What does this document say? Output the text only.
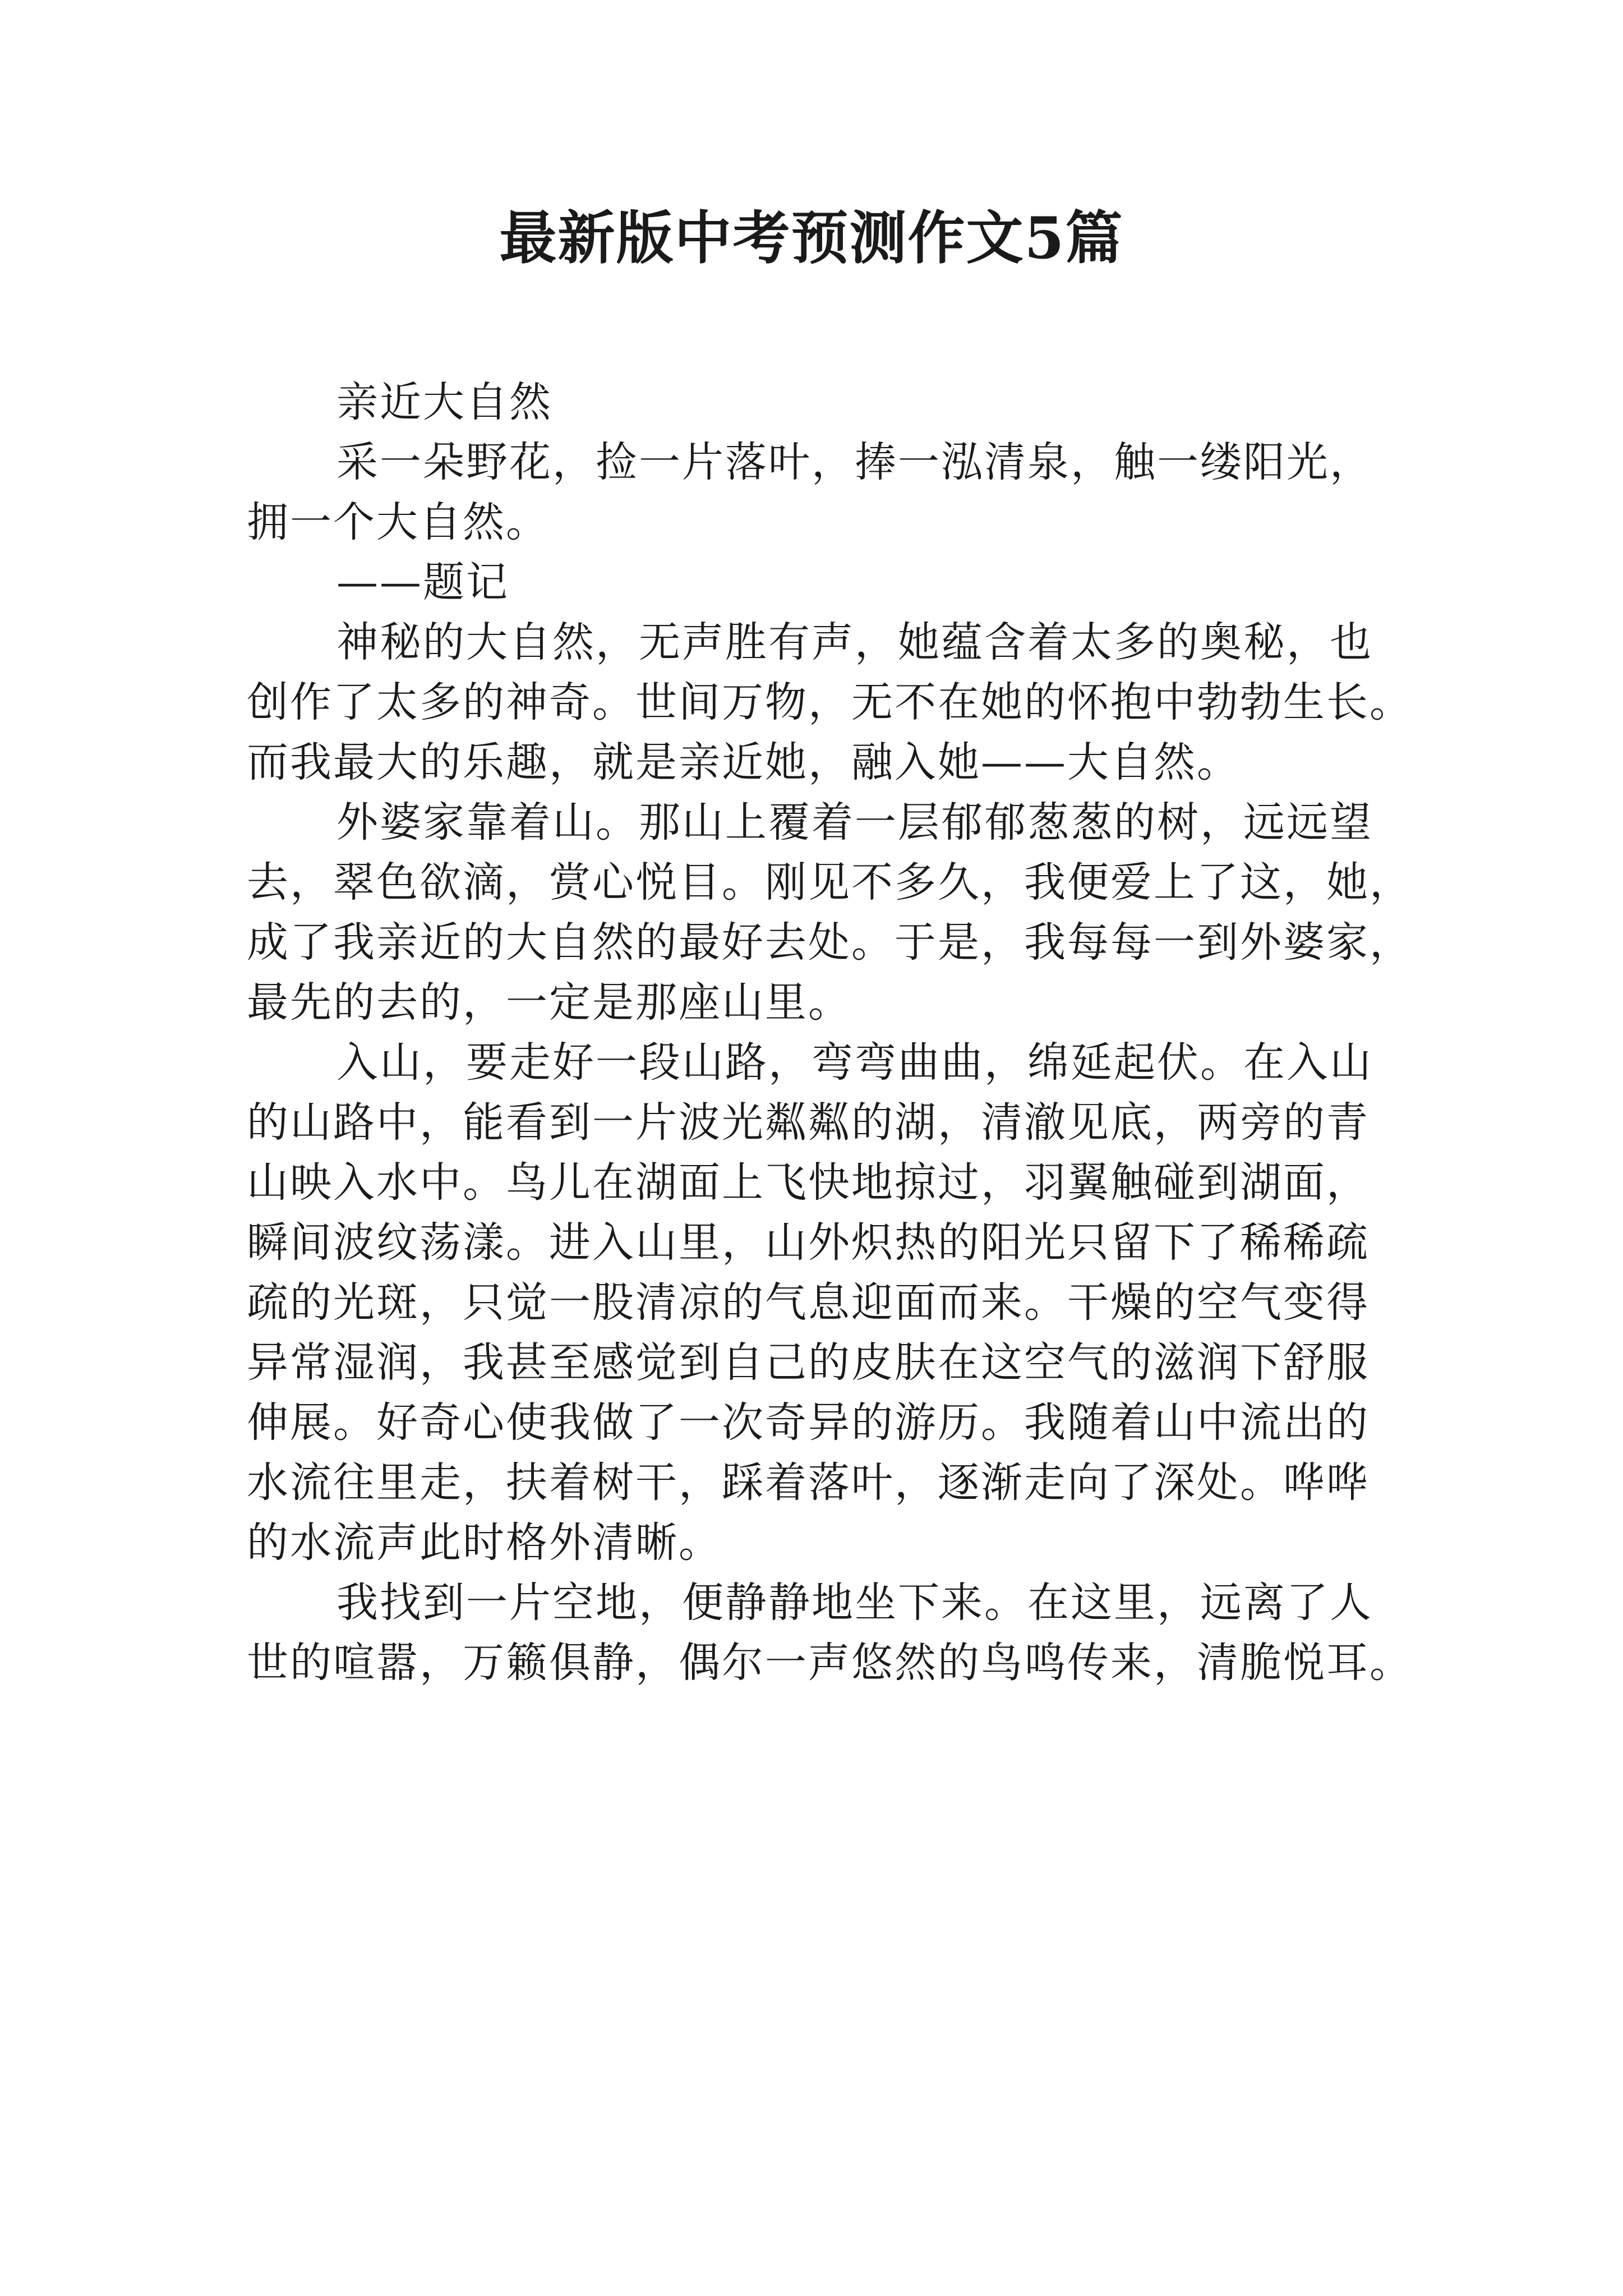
最新版中考预测作文5篇
亲近大自然
采一朵野花，捡一片落叶，捧一泓清泉，触一缕阳光，
拥一个大自然。
——题记
神秘的大自然，无声胜有声，她蕴含着太多的奥秘，也
创作了太多的神奇。世间万物，无不在她的怀抱中勃勃生长。
而我最大的乐趣，就是亲近她，融入她——大自然。
外婆家靠着山。那山上覆着一层郁郁葱葱的树，远远望
去，翠色欲滴，赏心悦目。刚见不多久，我便爱上了这，她，
成了我亲近的大自然的最好去处。于是，我每每一到外婆家，
最先的去的，一定是那座山里。
入山，要走好一段山路，弯弯曲曲，绵延起伏。在入山
的山路中，能看到一片波光粼粼的湖，清澈见底，两旁的青
山映入水中。鸟儿在湖面上飞快地掠过，羽翼触碰到湖面，
瞬间波纹荡漾。进入山里，山外炽热的阳光只留下了稀稀疏
疏的光斑，只觉一股清凉的气息迎面而来。干燥的空气变得
异常湿润，我甚至感觉到自己的皮肤在这空气的滋润下舒服
伸展。好奇心使我做了一次奇异的游历。我随着山中流出的
水流往里走，扶着树干，踩着落叶，逐渐走向了深处。哗哗
的水流声此时格外清晰。
我找到一片空地，便静静地坐下来。在这里，远离了人
世的喧嚣，万籁俱静，偶尔一声悠然的鸟鸣传来，清脆悦耳。
